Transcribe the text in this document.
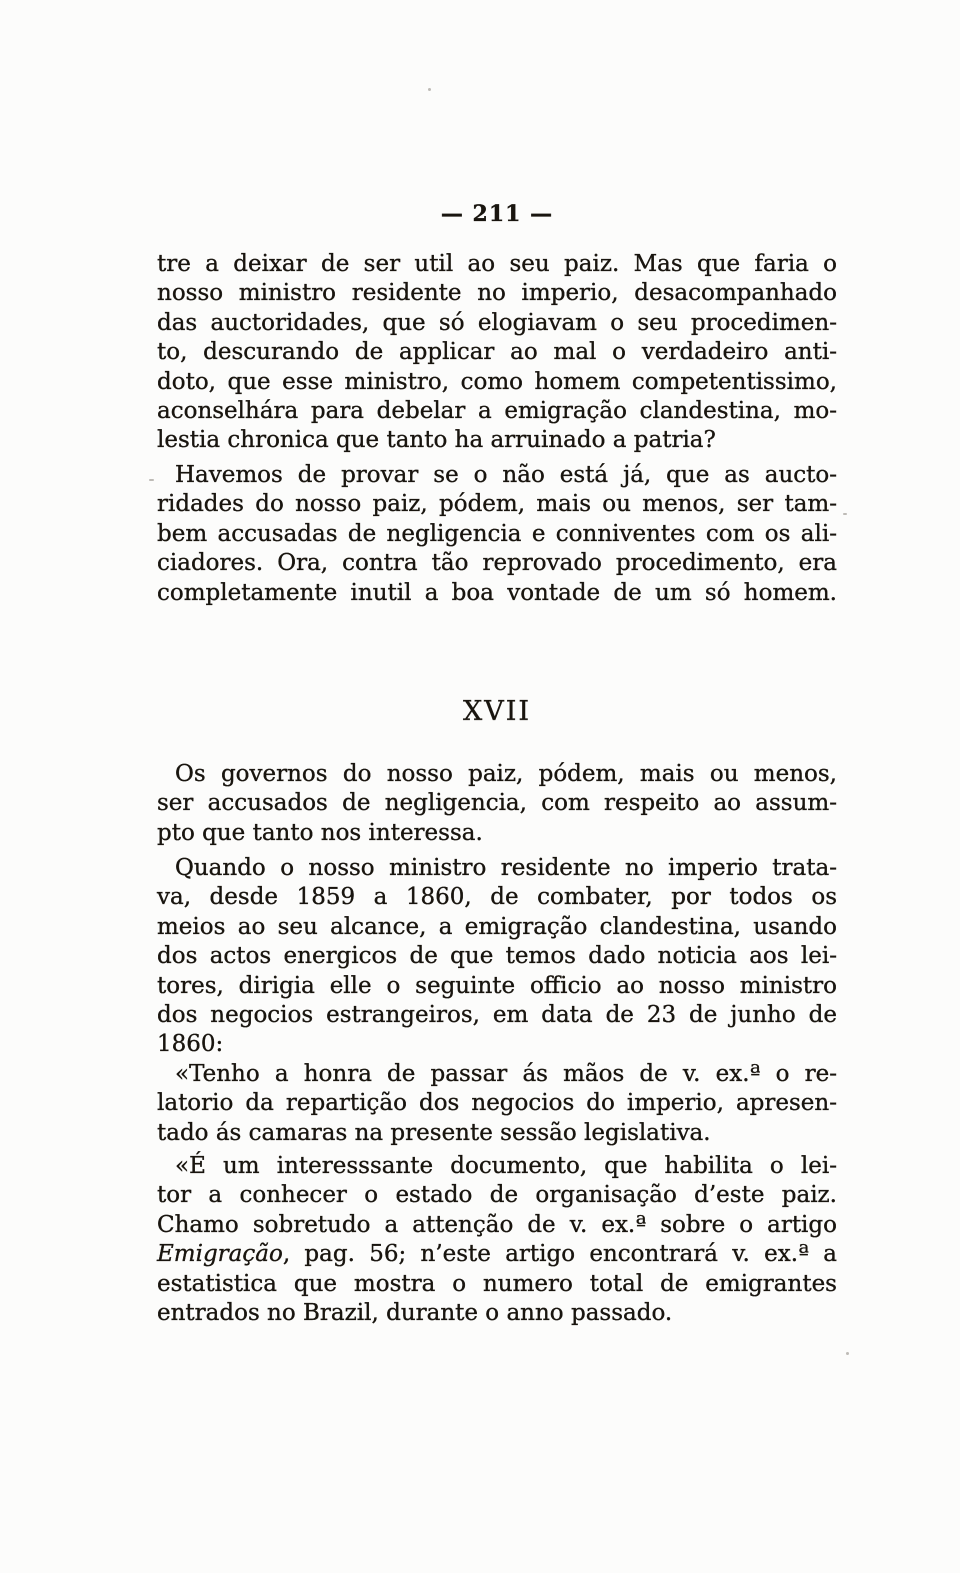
— 211 —
tre a deixar de ser util ao seu paiz. Mas que faria o
nosso ministro residente no imperio, desacompanhado
das auctoridades, que só elogiavam o seu procedimen-
to, descurando de applicar ao mal o verdadeiro anti-
doto, que esse ministro, como homem competentissimo,
aconselhára para debelar a emigração clandestina, mo-
lestia chronica que tanto ha arruinado a patria?
Havemos de provar se o não está já, que as aucto-
ridades do nosso paiz, pódem, mais ou menos, ser tam-
bem accusadas de negligencia e conniventes com os ali-
ciadores. Ora, contra tão reprovado procedimento, era
completamente inutil a boa vontade de um só homem.
XVII
Os governos do nosso paiz, pódem, mais ou menos,
ser accusados de negligencia, com respeito ao assum-
pto que tanto nos interessa.
Quando o nosso ministro residente no imperio trata-
va, desde 1859 a 1860, de combater, por todos os
meios ao seu alcance, a emigração clandestina, usando
dos actos energicos de que temos dado noticia aos lei-
tores, dirigia elle o seguinte officio ao nosso ministro
dos negocios estrangeiros, em data de 23 de junho de
1860:
«Tenho a honra de passar ás mãos de v. ex.ª o re-
latorio da repartição dos negocios do imperio, apresen-
tado ás camaras na presente sessão legislativa.
«É um interesssante documento, que habilita o lei-
tor a conhecer o estado de organisação d’este paiz.
Chamo sobretudo a attenção de v. ex.ª sobre o artigo
Emigração, pag. 56; n’este artigo encontrará v. ex.ª a
estatistica que mostra o numero total de emigrantes
entrados no Brazil, durante o anno passado.
